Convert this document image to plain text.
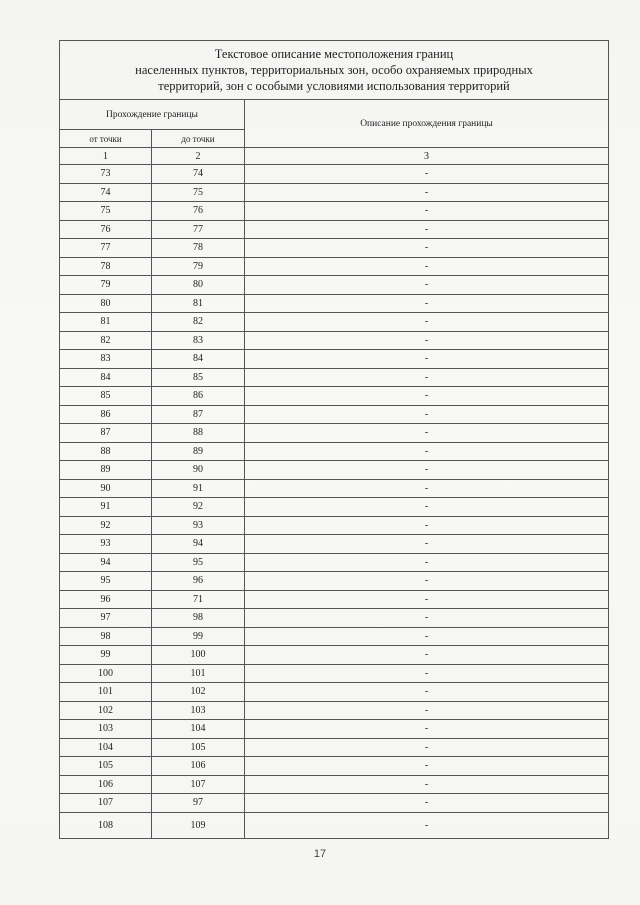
Текстовое описание местоположения границ
населенных пунктов, территориальных зон, особо охраняемых природных
территорий, зон с особыми условиями использования территорий		

Прохождение границы		Описание прохождения границы
от точки	до точки	
1	2	3
73	74	-
74	75	-
75	76	-
76	77	-
77	78	-
78	79	-
79	80	-
80	81	-
81	82	-
82	83	-
83	84	-
84	85	-
85	86	-
86	87	-
87	88	-
88	89	-
89	90	-
90	91	-
91	92	-
92	93	-
93	94	-
94	95	-
95	96	-
96	71	-
97	98	-
98	99	-
99	100	-
100	101	-
101	102	-
102	103	-
103	104	-
104	105	-
105	106	-
106	107	-
107	97	-
108	109	-
17
